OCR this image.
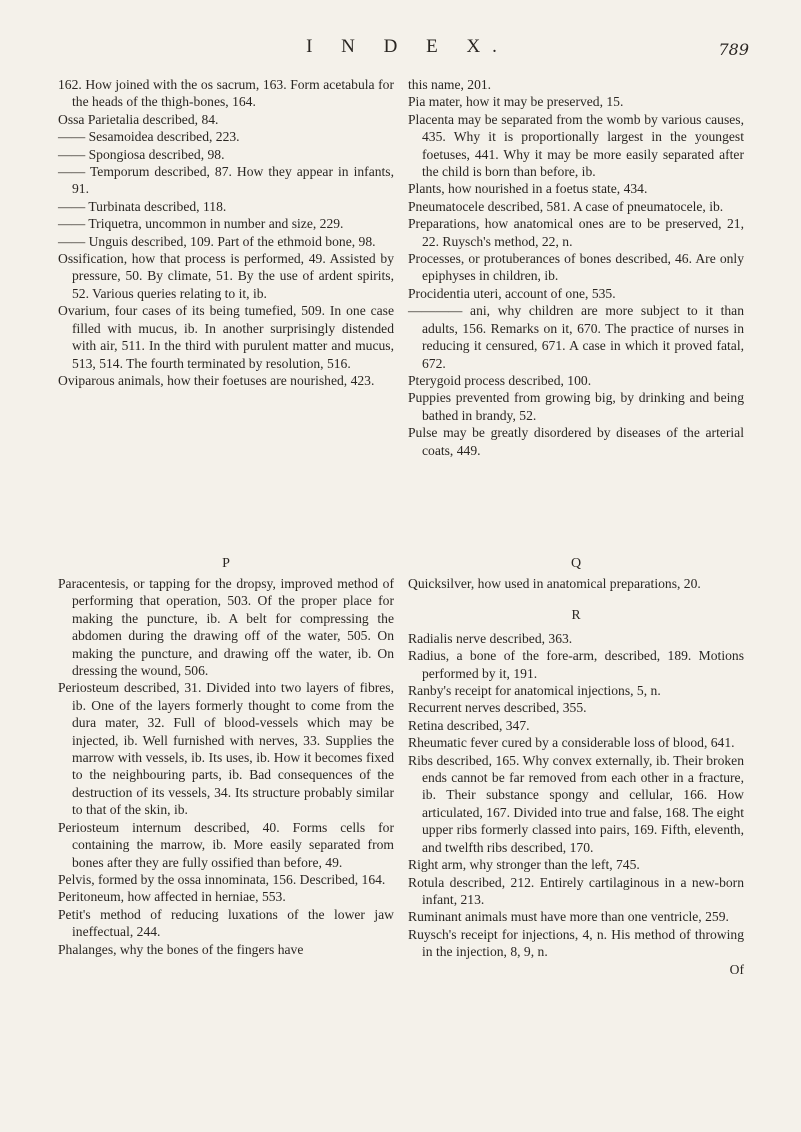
I N D E X.	789

162. How joined with the os sacrum, 163. Form acetabula for the heads of the thigh-bones, 164.

Ossa Parietalia described, 84.

—— Sesamoidea described, 223.

—— Spongiosa described, 98.

—— Temporum described, 87. How they appear in infants, 91.

—— Turbinata described, 118.

—— Triquetra, uncommon in number and size, 229.

—— Unguis described, 109. Part of the ethmoid bone, 98.

Ossification, how that process is performed, 49. Assisted by pressure, 50. By climate, 51. By the use of ardent spirits, 52. Various queries relating to it, ib.

Ovarium, four cases of its being tumefied, 509. In one case filled with mucus, ib. In another surprisingly distended with air, 511. In the third with purulent matter and mucus, 513, 514. The fourth terminated by resolution, 516.

Oviparous animals, how their foetuses are nourished, 423.

this name, 201.

Pia mater, how it may be preserved, 15.

Placenta may be separated from the womb by various causes, 435. Why it is proportionally largest in the youngest foetuses, 441. Why it may be more easily separated after the child is born than before, ib.

Plants, how nourished in a foetus state, 434.

Pneumatocele described, 581. A case of pneumatocele, ib.

Preparations, how anatomical ones are to be preserved, 21, 22. Ruysch's method, 22, n.

Processes, or protuberances of bones described, 46. Are only epiphyses in children, ib.

Procidentia uteri, account of one, 535.

———— ani, why children are more subject to it than adults, 156. Remarks on it, 670. The practice of nurses in reducing it censured, 671. A case in which it proved fatal, 672.

Pterygoid process described, 100.

Puppies prevented from growing big, by drinking and being bathed in brandy, 52.

Pulse may be greatly disordered by diseases of the arterial coats, 449.

P	Q

Paracentesis, or tapping for the dropsy, improved method of performing that operation, 503. Of the proper place for making the puncture, ib. A belt for compressing the abdomen during the drawing off of the water, 505. On making the puncture, and drawing off the water, ib. On dressing the wound, 506.

Periosteum described, 31. Divided into two layers of fibres, ib. One of the layers formerly thought to come from the dura mater, 32. Full of blood-vessels which may be injected, ib. Well furnished with nerves, 33. Supplies the marrow with vessels, ib. Its uses, ib. How it becomes fixed to the neighbouring parts, ib. Bad consequences of the destruction of its vessels, 34. Its structure probably similar to that of the skin, ib.

Periosteum internum described, 40. Forms cells for containing the marrow, ib. More easily separated from bones after they are fully ossified than before, 49.

Pelvis, formed by the ossa innominata, 156. Described, 164.

Peritoneum, how affected in herniae, 553.

Petit's method of reducing luxations of the lower jaw ineffectual, 244.

Phalanges, why the bones of the fingers have

Quicksilver, how used in anatomical preparations, 20.

R

Radialis nerve described, 363.

Radius, a bone of the fore-arm, described, 189. Motions performed by it, 191.

Ranby's receipt for anatomical injections, 5, n.

Recurrent nerves described, 355.

Retina described, 347.

Rheumatic fever cured by a considerable loss of blood, 641.

Ribs described, 165. Why convex externally, ib. Their broken ends cannot be far removed from each other in a fracture, ib. Their substance spongy and cellular, 166. How articulated, 167. Divided into true and false, 168. The eight upper ribs formerly classed into pairs, 169. Fifth, eleventh, and twelfth ribs described, 170.

Right arm, why stronger than the left, 745.

Rotula described, 212. Entirely cartilaginous in a new-born infant, 213.

Ruminant animals must have more than one ventricle, 259.

Ruysch's receipt for injections, 4, n. His method of throwing in the injection, 8, 9, n.

Of
